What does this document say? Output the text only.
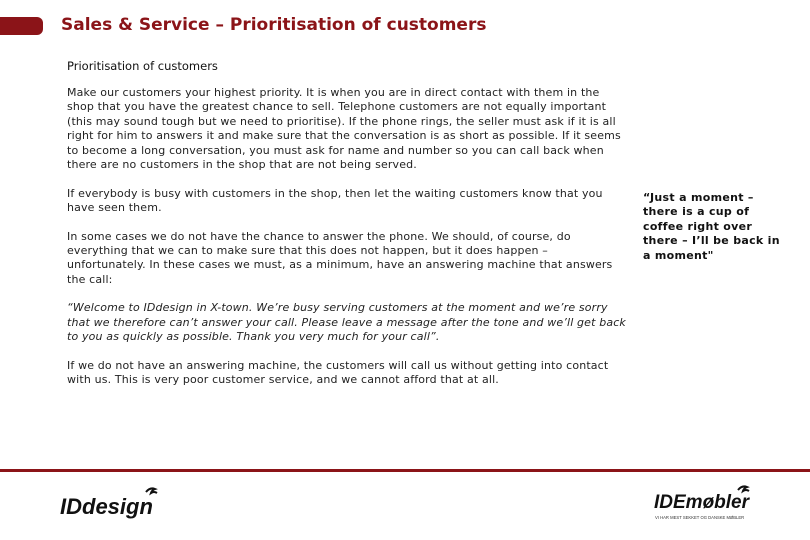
Sales & Service – Prioritisation of customers
Prioritisation of customers

Make our customers your highest priority. It is when you are in direct contact with them in the shop that you have the greatest chance to sell. Telephone customers are not equally important (this may sound tough but we need to prioritise). If the phone rings, the seller must ask if it is all right for him to answers it and make sure that the conversation is as short as possible. If it seems to become a long conversation, you must ask for name and number so you can call back when there are no customers in the shop that are not being served.

If everybody is busy with customers in the shop, then let the waiting customers know that you have seen them.

In some cases we do not have the chance to answer the phone. We should, of course, do everything that we can to make sure that this does not happen, but it does happen – unfortunately. In these cases we must, as a minimum, have an answering machine that answers the call:

“Welcome to IDdesign in X-town. We’re busy serving customers at the moment and we’re sorry that we therefore can’t answer your call. Please leave a message after the tone and we’ll get back to you as quickly as possible. Thank you very much for your call”.

If we do not have an answering machine, the customers will call us without getting into contact with us. This is very poor customer service, and we cannot afford that at all.

“Just a moment – there is a cup of coffee right over there – I’ll be back in a moment"
IDdesign	IDEmøbler
VI HAR MEST SEKKET OG DANSKE MØBLER
